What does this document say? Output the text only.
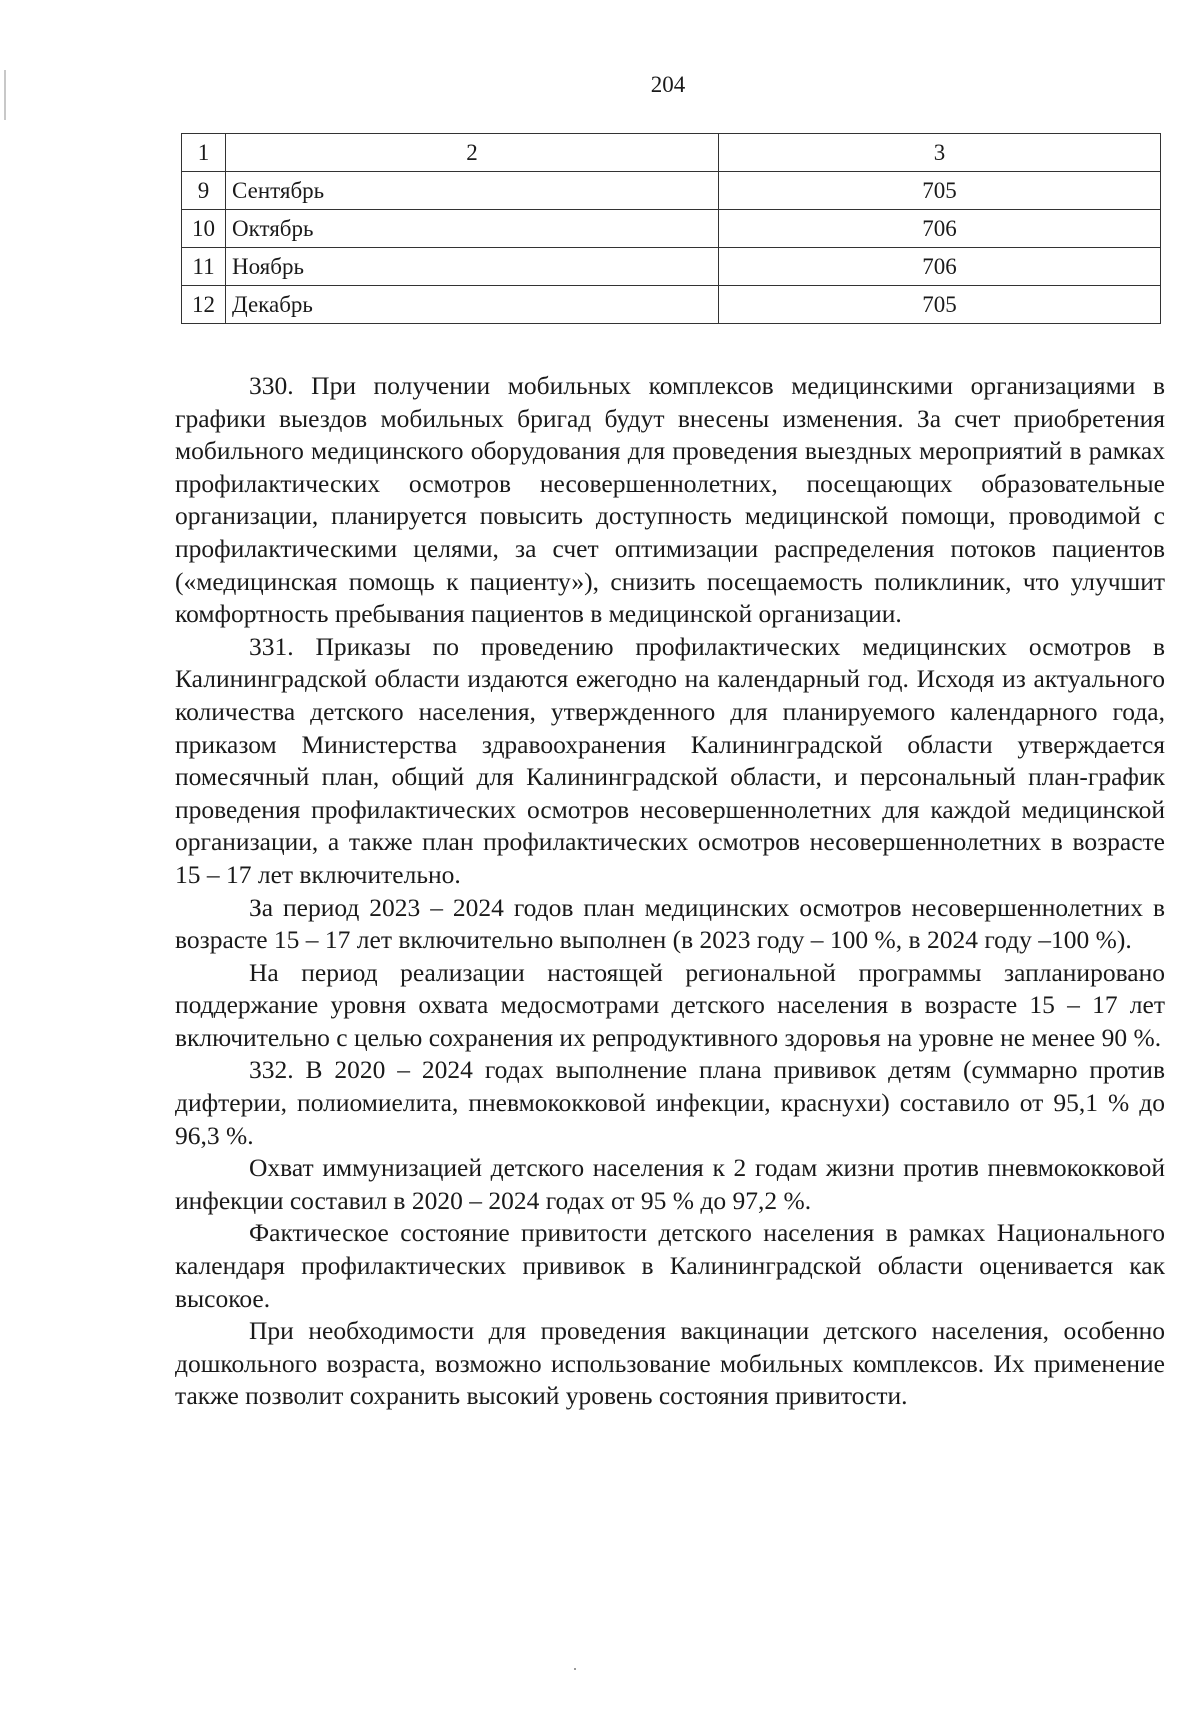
204
1	2	3
9	Сентябрь	705
10	Октябрь	706
11	Ноябрь	706
12	Декабрь	705

330. При получении мобильных комплексов медицинскими организациями в графики выездов мобильных бригад будут внесены изменения. За счет приобретения мобильного медицинского оборудования для проведения выездных мероприятий в рамках профилактических осмотров несовершеннолетних, посещающих образовательные организации, планируется повысить доступность медицинской помощи, проводимой с профилактическими целями, за счет оптимизации распределения потоков пациентов («медицинская помощь к пациенту»), снизить посещаемость поликлиник, что улучшит комфортность пребывания пациентов в медицинской организации.

331. Приказы по проведению профилактических медицинских осмотров в Калининградской области издаются ежегодно на календарный год. Исходя из актуального количества детского населения, утвержденного для планируемого календарного года, приказом Министерства здравоохранения Калининградской области утверждается помесячный план, общий для Калининградской области, и персональный план-график проведения профилактических осмотров несовершеннолетних для каждой медицинской организации, а также план профилактических осмотров несовершеннолетних в возрасте 15 – 17 лет включительно.

За период 2023 – 2024 годов план медицинских осмотров несовершеннолетних в возрасте 15 – 17 лет включительно выполнен (в 2023 году – 100 %, в 2024 году –100 %).

На период реализации настоящей региональной программы запланировано поддержание уровня охвата медосмотрами детского населения в возрасте 15 – 17 лет включительно с целью сохранения их репродуктивного здоровья на уровне не менее 90 %.

332. В 2020 – 2024 годах выполнение плана прививок детям (суммарно против дифтерии, полиомиелита, пневмококковой инфекции, краснухи) составило от 95,1 % до 96,3 %.

Охват иммунизацией детского населения к 2 годам жизни против пневмококковой инфекции составил в 2020 – 2024 годах от 95 % до 97,2 %.

Фактическое состояние привитости детского населения в рамках Национального календаря профилактических прививок в Калининградской области оценивается как высокое.

При необходимости для проведения вакцинации детского населения, особенно дошкольного возраста, возможно использование мобильных комплексов. Их применение также позволит сохранить высокий уровень состояния привитости.
